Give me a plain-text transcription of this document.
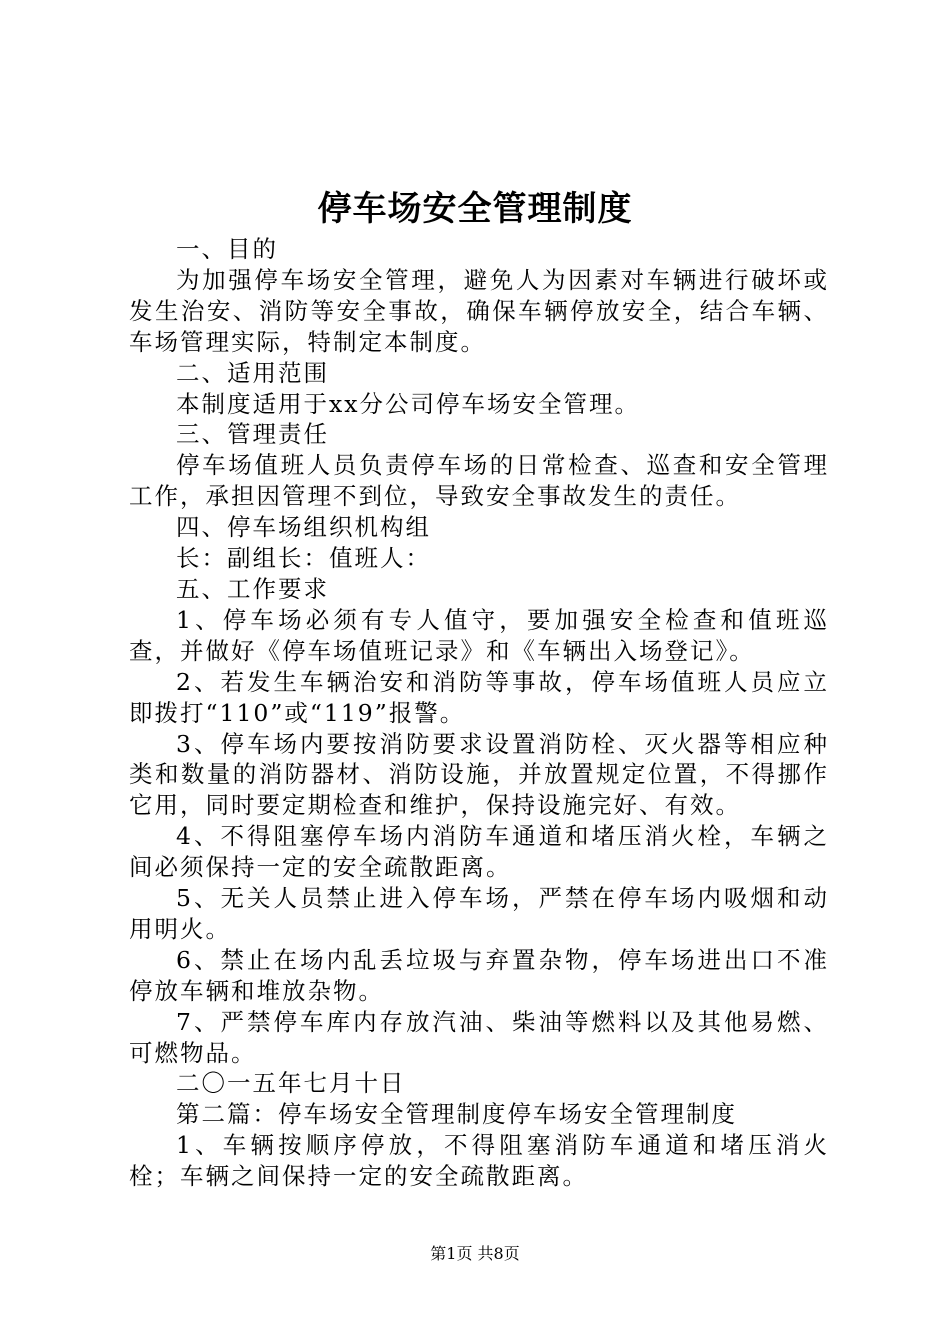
停车场安全管理制度

一、目的

为加强停车场安全管理，避免人为因素对车辆进行破坏或发生治安、消防等安全事故，确保车辆停放安全，结合车辆、车场管理实际，特制定本制度。

二、适用范围

本制度适用于xx分公司停车场安全管理。

三、管理责任

停车场值班人员负责停车场的日常检查、巡查和安全管理工作，承担因管理不到位，导致安全事故发生的责任。

四、停车场组织机构组

长：副组长：值班人：

五、工作要求

1、停车场必须有专人值守，要加强安全检查和值班巡查，并做好《停车场值班记录》和《车辆出入场登记》。

2、若发生车辆治安和消防等事故，停车场值班人员应立即拨打“110”或“119”报警。

3、停车场内要按消防要求设置消防栓、灭火器等相应种类和数量的消防器材、消防设施，并放置规定位置，不得挪作它用，同时要定期检查和维护，保持设施完好、有效。

4、不得阻塞停车场内消防车通道和堵压消火栓，车辆之间必须保持一定的安全疏散距离。

5、无关人员禁止进入停车场，严禁在停车场内吸烟和动用明火。

6、禁止在场内乱丢垃圾与弃置杂物，停车场进出口不准停放车辆和堆放杂物。

7、严禁停车库内存放汽油、柴油等燃料以及其他易燃、可燃物品。

二〇一五年七月十日

第二篇：停车场安全管理制度停车场安全管理制度

1、车辆按顺序停放，不得阻塞消防车通道和堵压消火栓；车辆之间保持一定的安全疏散距离。

第1页 共8页
